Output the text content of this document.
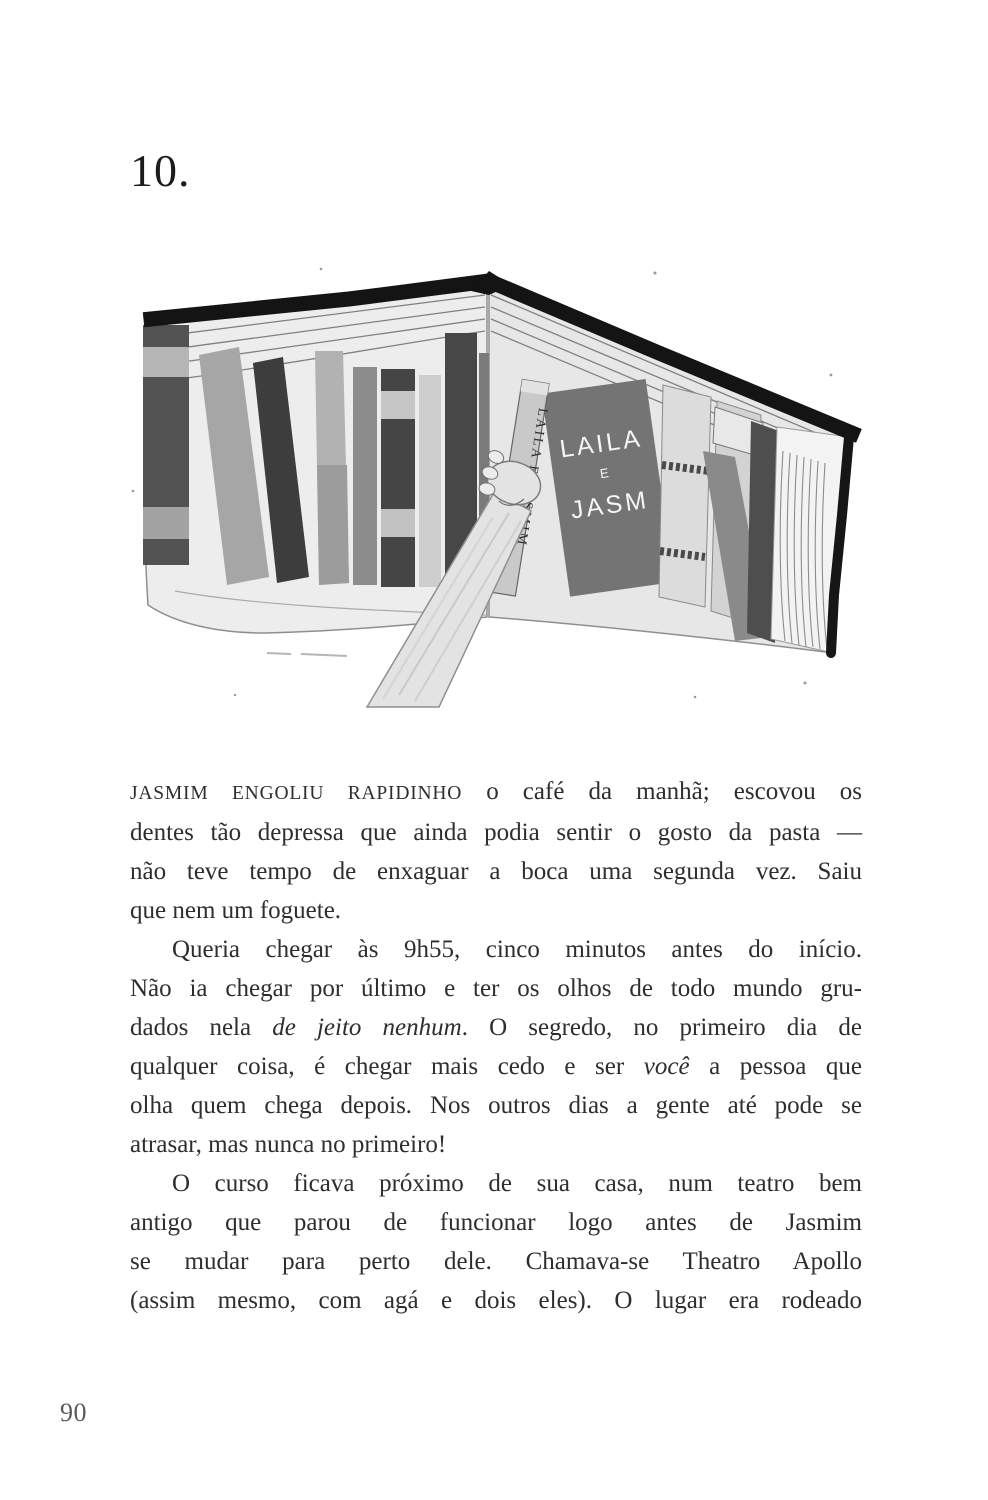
10.
LAILA
E
JASM
LAILA
JASMIM ENGOLIU RAPIDINHO o café da manhã; escovou os
dentes tão depressa que ainda podia sentir o gosto da pasta —
não teve tempo de enxaguar a boca uma segunda vez. Saiu
que nem um foguete.
Queria chegar às 9h55, cinco minutos antes do início.
Não ia chegar por último e ter os olhos de todo mundo gru-
dados nela de jeito nenhum. O segredo, no primeiro dia de
qualquer coisa, é chegar mais cedo e ser você a pessoa que
olha quem chega depois. Nos outros dias a gente até pode se
atrasar, mas nunca no primeiro!
O curso ficava próximo de sua casa, num teatro bem
antigo que parou de funcionar logo antes de Jasmim
se mudar para perto dele. Chamava-se Theatro Apollo
(assim mesmo, com agá e dois eles). O lugar era rodeado
90
